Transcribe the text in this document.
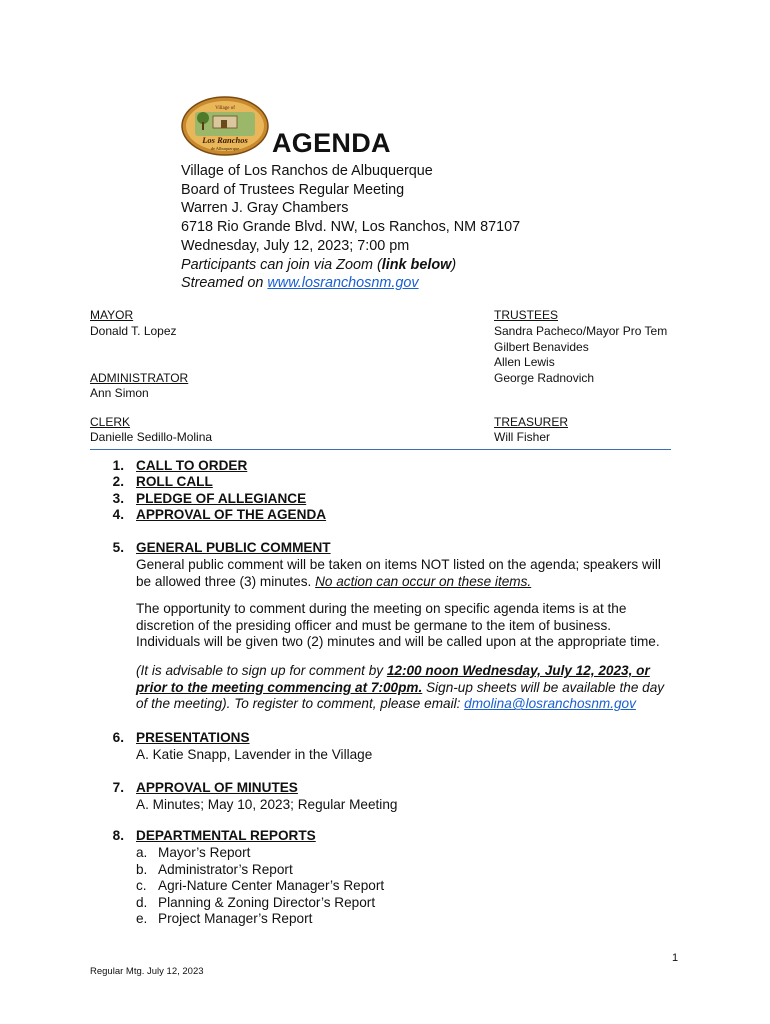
Village of
Los Ranchos
de Albuquerque AGENDA
Village of Los Ranchos de Albuquerque
Board of Trustees Regular Meeting
Warren J. Gray Chambers
6718 Rio Grande Blvd. NW, Los Ranchos, NM 87107
Wednesday, July 12, 2023; 7:00 pm
Participants can join via Zoom (link below)
Streamed on www.losranchosnm.gov
MAYOR
Donald T. Lopez
ADMINISTRATOR
Ann Simon
CLERK
Danielle Sedillo-Molina
TRUSTEES
Sandra Pacheco/Mayor Pro Tem
Gilbert Benavides
Allen Lewis
George Radnovich
TREASURER
Will Fisher
1. CALL TO ORDER
2. ROLL CALL
3. PLEDGE OF ALLEGIANCE
4. APPROVAL OF THE AGENDA
5. GENERAL PUBLIC COMMENT
General public comment will be taken on items NOT listed on the agenda; speakers will
be allowed three (3) minutes. No action can occur on these items.
The opportunity to comment during the meeting on specific agenda items is at the
discretion of the presiding officer and must be germane to the item of business.
Individuals will be given two (2) minutes and will be called upon at the appropriate time.
(It is advisable to sign up for comment by 12:00 noon Wednesday, July 12, 2023, or
prior to the meeting commencing at 7:00pm. Sign-up sheets will be available the day
of the meeting). To register to comment, please email: dmolina@losranchosnm.gov
6. PRESENTATIONS
A. Katie Snapp, Lavender in the Village
7. APPROVAL OF MINUTES
A. Minutes; May 10, 2023; Regular Meeting
8. DEPARTMENTAL REPORTS
a. Mayor’s Report
b. Administrator’s Report
c. Agri-Nature Center Manager’s Report
d. Planning & Zoning Director’s Report
e. Project Manager’s Report
1
Regular Mtg. July 12, 2023
